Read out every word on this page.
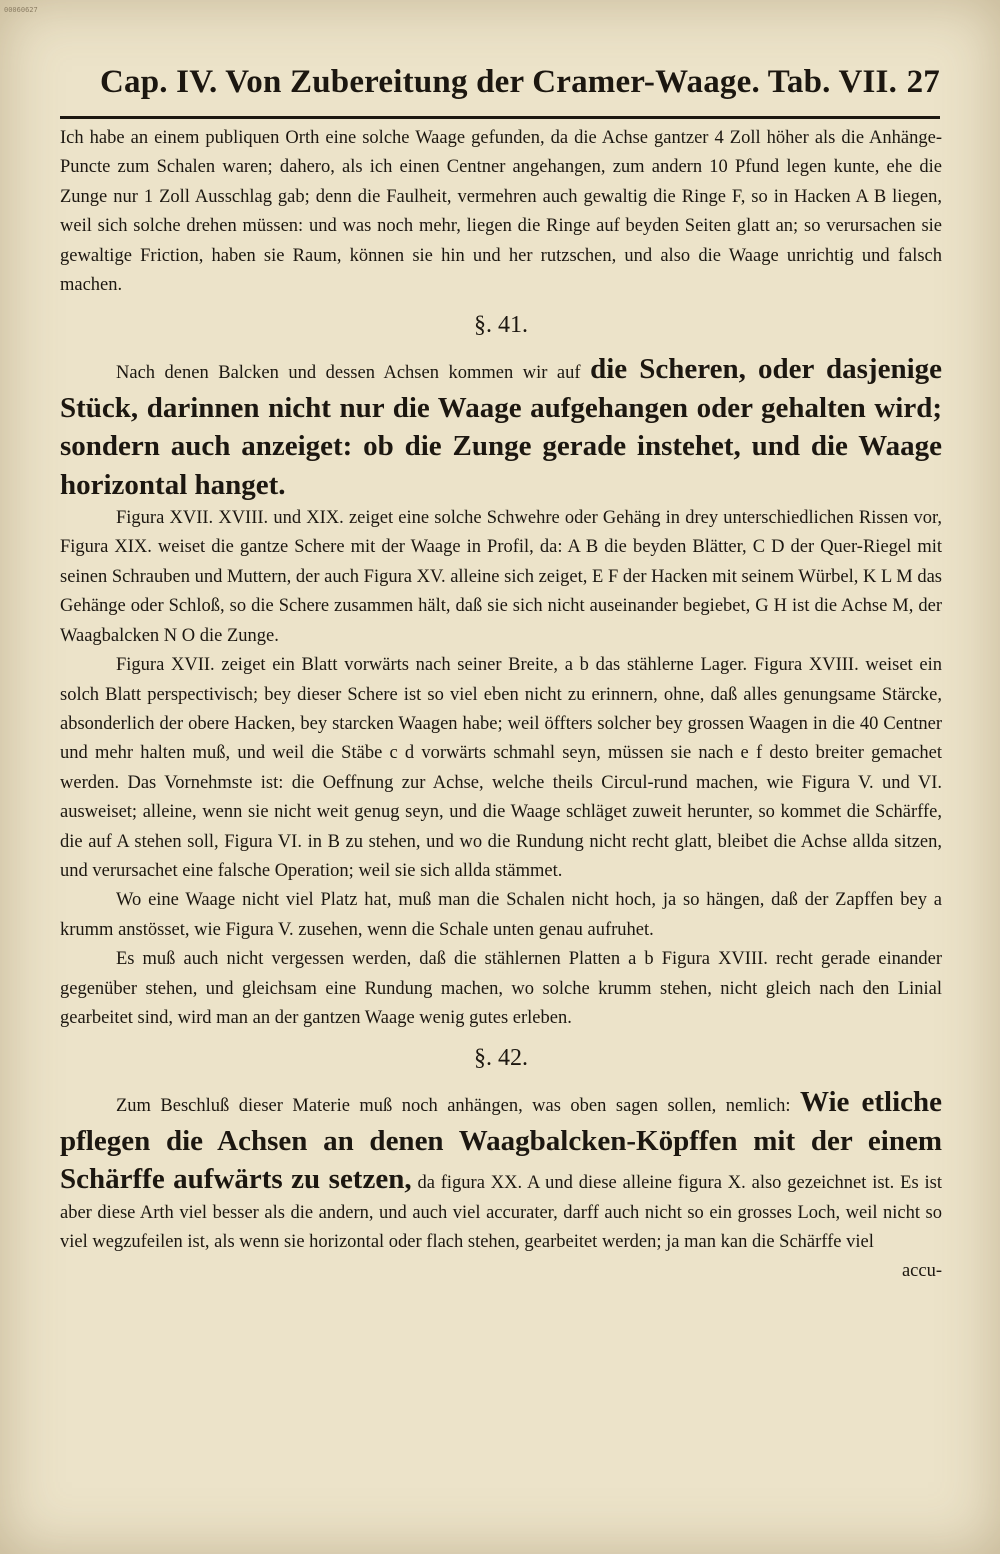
00060627
Cap. IV. Von Zubereitung der Cramer-Waage. Tab. VII. 27

Ich habe an einem publiquen Orth eine solche Waage gefunden, da die Achse gantzer 4 Zoll höher als die Anhänge-Puncte zum Schalen waren; dahero, als ich einen Centner angehangen, zum andern 10 Pfund legen kunte, ehe die Zunge nur 1 Zoll Ausschlag gab; denn die Faulheit, vermehren auch gewaltig die Ringe F, so in Hacken A B liegen, weil sich solche drehen müssen: und was noch mehr, liegen die Ringe auf beyden Seiten glatt an; so verursachen sie gewaltige Friction, haben sie Raum, können sie hin und her rutzschen, und also die Waage unrichtig und falsch machen.

§. 41.

Nach denen Balcken und dessen Achsen kommen wir auf die Scheren, oder dasjenige Stück, darinnen nicht nur die Waage aufgehangen oder gehalten wird; sondern auch anzeiget: ob die Zunge gerade instehet, und die Waage horizontal hanget.

Figura XVII. XVIII. und XIX. zeiget eine solche Schwehre oder Gehäng in drey unterschiedlichen Rissen vor, Figura XIX. weiset die gantze Schere mit der Waage in Profil, da: A B die beyden Blätter, C D der Quer-Riegel mit seinen Schrauben und Muttern, der auch Figura XV. alleine sich zeiget, E F der Hacken mit seinem Würbel, K L M das Gehänge oder Schloß, so die Schere zusammen hält, daß sie sich nicht auseinander begiebet, G H ist die Achse M, der Waagbalcken N O die Zunge.

Figura XVII. zeiget ein Blatt vorwärts nach seiner Breite, a b das stählerne Lager. Figura XVIII. weiset ein solch Blatt perspectivisch; bey dieser Schere ist so viel eben nicht zu erinnern, ohne, daß alles genungsame Stärcke, absonderlich der obere Hacken, bey starcken Waagen habe; weil öffters solcher bey grossen Waagen in die 40 Centner und mehr halten muß, und weil die Stäbe c d vorwärts schmahl seyn, müssen sie nach e f desto breiter gemachet werden. Das Vornehmste ist: die Oeffnung zur Achse, welche theils Circul-rund machen, wie Figura V. und VI. ausweiset; alleine, wenn sie nicht weit genug seyn, und die Waage schläget zuweit herunter, so kommet die Schärffe, die auf A stehen soll, Figura VI. in B zu stehen, und wo die Rundung nicht recht glatt, bleibet die Achse allda sitzen, und verursachet eine falsche Operation; weil sie sich allda stämmet.

Wo eine Waage nicht viel Platz hat, muß man die Schalen nicht hoch, ja so hängen, daß der Zapffen bey a krumm anstösset, wie Figura V. zusehen, wenn die Schale unten genau aufruhet.

Es muß auch nicht vergessen werden, daß die stählernen Platten a b Figura XVIII. recht gerade einander gegenüber stehen, und gleichsam eine Rundung machen, wo solche krumm stehen, nicht gleich nach den Linial gearbeitet sind, wird man an der gantzen Waage wenig gutes erleben.

§. 42.

Zum Beschluß dieser Materie muß noch anhängen, was oben sagen sollen, nemlich: Wie etliche pflegen die Achsen an denen Waagbalcken-Köpffen mit der einem Schärffe aufwärts zu setzen, da figura XX. A und diese alleine figura X. also gezeichnet ist. Es ist aber diese Arth viel besser als die andern, und auch viel accurater, darff auch nicht so ein grosses Loch, weil nicht so viel wegzufeilen ist, als wenn sie horizontal oder flach stehen, gearbeitet werden; ja man kan die Schärffe viel

accu-
